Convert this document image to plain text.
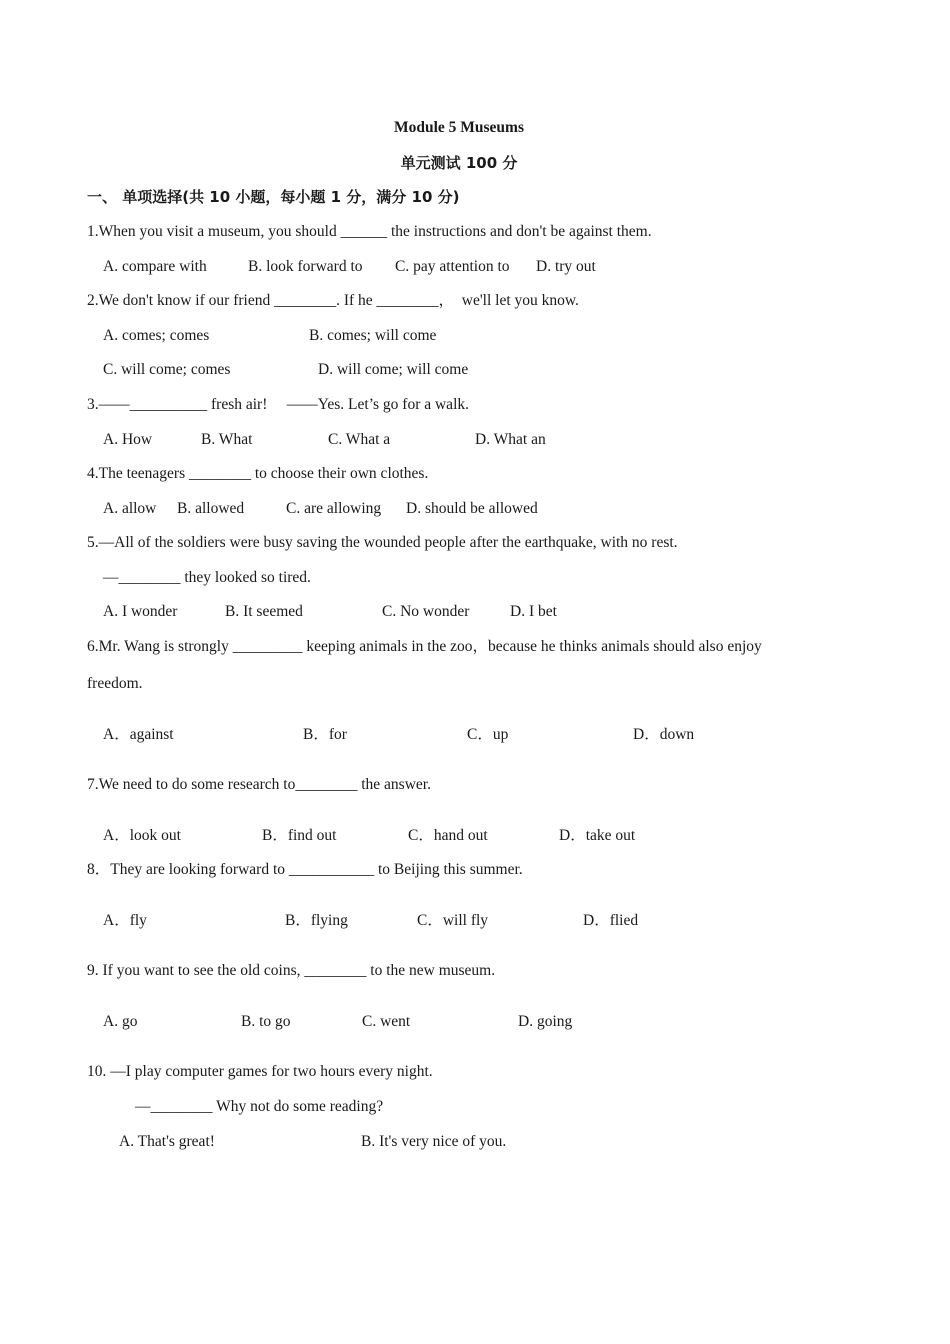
Module 5 Museums
单元测试 100 分
一、 单项选择(共 10 小题，每小题 1 分，满分 10 分)
1.When you visit a museum, you should ______ the instructions and don't be against them.
A. compare with	B. look forward to C. pay attention to D. try out
2.We don't know if our friend ________. If he ________，  we'll let you know.
A. comes; comes	B. comes; will come
C. will come; comes	D. will come; will come
3.——__________ fresh air!     ——Yes. Let’s go for a walk.
A. How	B. What	C. What a	D. What an
4.The teenagers ________ to choose their own clothes.
A. allow B. allowed	C. are allowing D. should be allowed
5.—All of the soldiers were busy saving the wounded people after the earthquake, with no rest.
—________ they looked so tired.
A. I wonder	B. It seemed	C. No wonder	D. I bet
6.Mr. Wang is strongly _________ keeping animals in the zoo，because he thinks animals should also enjoy
freedom.
A．against	B．for	C．up	D．down
7.We need to do some research to________ the answer.
A．look out	B．find out	C．hand out	D．take out
8．They are looking forward to ___________ to Beijing this summer.
A．fly	B．flying	C．will fly	D．flied
9. If you want to see the old coins, ________ to the new museum.
A. go	B. to go	C. went	D. going
10. —I play computer games for two hours every night.
—________ Why not do some reading?
A. That's great!	B. It's very nice of you.
